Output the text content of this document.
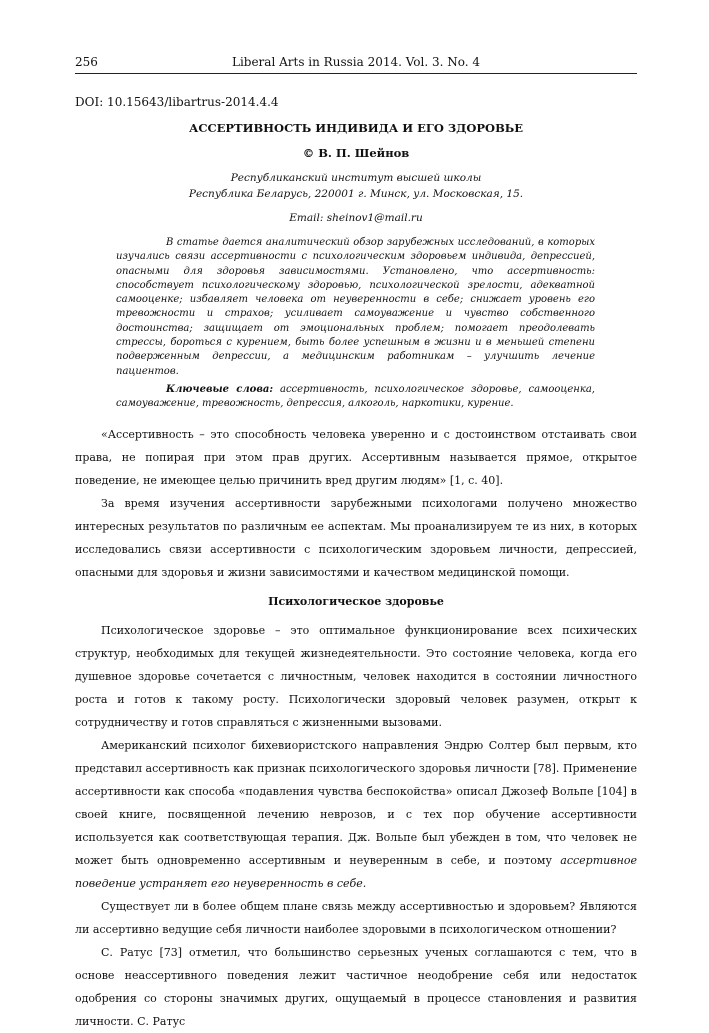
256	Liberal Arts in Russia 2014. Vol. 3. No. 4
DOI: 10.15643/libartrus-2014.4.4
АССЕРТИВНОСТЬ ИНДИВИДА И ЕГО ЗДОРОВЬЕ
© В. П. Шейнов
Республиканский институт высшей школы
Республика Беларусь, 220001 г. Минск, ул. Московская, 15.
Email: sheinov1@mail.ru

В статье дается аналитический обзор зарубежных исследований, в которых изучались связи ассертивности с психологическим здоровьем индивида, депрессией, опасными для здоровья зависимостями. Установлено, что ассертивность: способствует психологическому здоровью, психологической зрелости, адекватной самооценке; избавляет человека от неуверенности в себе; снижает уровень его тревожности и страхов; усиливает самоуважение и чувство собственного достоинства; защищает от эмоциональных проблем; помогает преодолевать стрессы, бороться с курением, быть более успешным в жизни и в меньшей степени подверженным депрессии, а медицинским работникам – улучшить лечение пациентов.

Ключевые слова: ассертивность, психологическое здоровье, самооценка, самоуважение, тревожность, депрессия, алкоголь, наркотики, курение.

«Ассертивность – это способность человека уверенно и с достоинством отстаивать свои права, не попирая при этом прав других. Ассертивным называется прямое, открытое поведение, не имеющее целью причинить вред другим людям» [1, с. 40].

За время изучения ассертивности зарубежными психологами получено множество интересных результатов по различным ее аспектам. Мы проанализируем те из них, в которых исследовались связи ассертивности с психологическим здоровьем личности, депрессией, опасными для здоровья и жизни зависимостями и качеством медицинской помощи.

Психологическое здоровье

Психологическое здоровье – это оптимальное функционирование всех психических структур, необходимых для текущей жизнедеятельности. Это состояние человека, когда его душевное здоровье сочетается с личностным, человек находится в состоянии личностного роста и готов к такому росту. Психологически здоровый человек разумен, открыт к сотрудничеству и готов справляться с жизненными вызовами.

Американский психолог бихевиористского направления Эндрю Солтер был первым, кто представил ассертивность как признак психологического здоровья личности [78]. Применение ассертивности как способа «подавления чувства беспокойства» описал Джозеф Вольпе [104] в своей книге, посвященной лечению неврозов, и с тех пор обучение ассертивности используется как соответствующая терапия. Дж. Вольпе был убежден в том, что человек не может быть одновременно ассертивным и неуверенным в себе, и поэтому ассертивное поведение устраняет его неуверенность в себе.

Существует ли в более общем плане связь между ассертивностью и здоровьем? Являются ли ассертивно ведущие себя личности наиболее здоровыми в психологическом отношении?

С. Ратус [73] отметил, что большинство серьезных ученых соглашаются с тем, что в основе неассертивного поведения лежит частичное неодобрение себя или недостаток одобрения со стороны значимых других, ощущаемый в процессе становления и развития личности. С. Ратус
